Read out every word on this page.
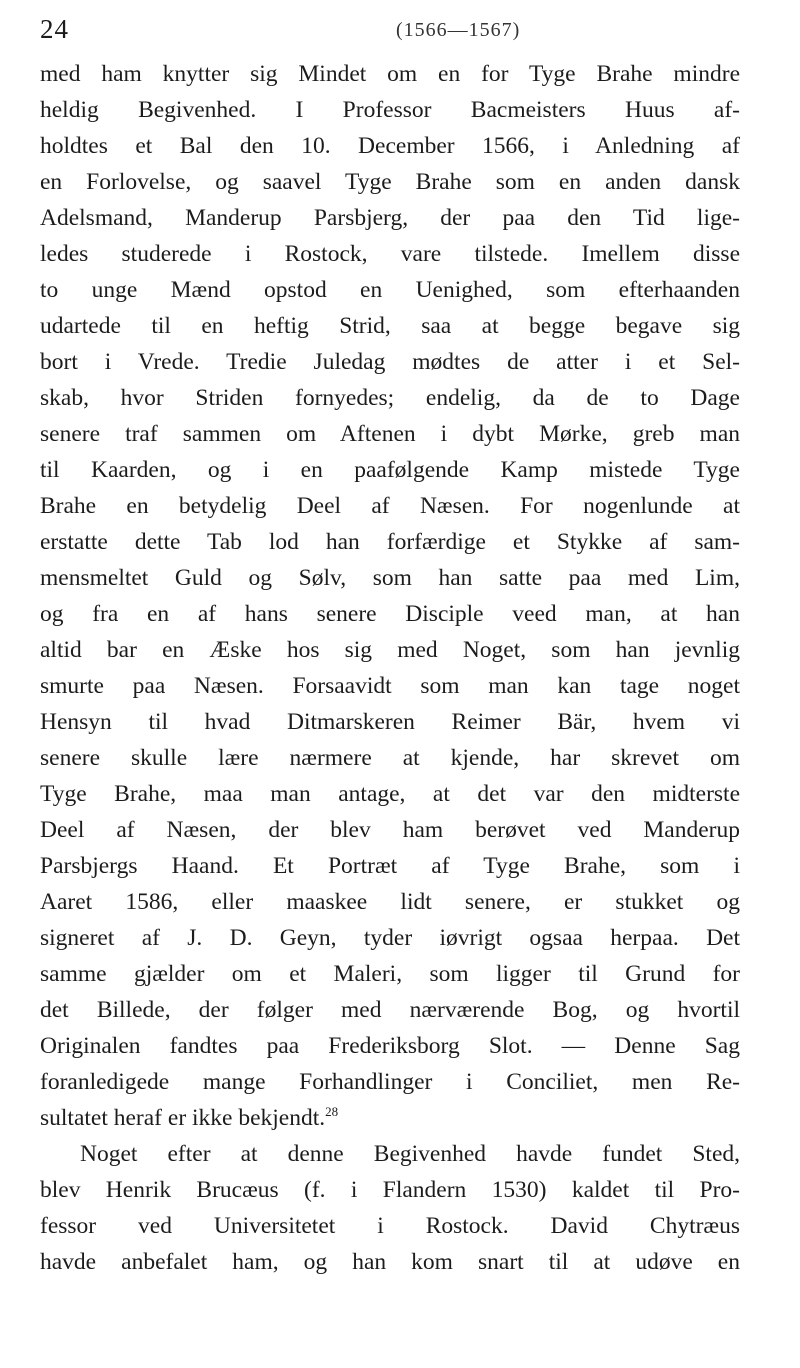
24	(1566—1567)
med ham knytter sig Mindet om en for Tyge Brahe mindre
heldig Begivenhed. I Professor Bacmeisters Huus af-
holdtes et Bal den 10. December 1566, i Anledning af
en Forlovelse, og saavel Tyge Brahe som en anden dansk
Adelsmand, Manderup Parsbjerg, der paa den Tid lige-
ledes studerede i Rostock, vare tilstede. Imellem disse
to unge Mænd opstod en Uenighed, som efterhaanden
udartede til en heftig Strid, saa at begge begave sig
bort i Vrede. Tredie Juledag mødtes de atter i et Sel-
skab, hvor Striden fornyedes; endelig, da de to Dage
senere traf sammen om Aftenen i dybt Mørke, greb man
til Kaarden, og i en paafølgende Kamp mistede Tyge
Brahe en betydelig Deel af Næsen. For nogenlunde at
erstatte dette Tab lod han forfærdige et Stykke af sam-
mensmeltet Guld og Sølv, som han satte paa med Lim,
og fra en af hans senere Disciple veed man, at han
altid bar en Æske hos sig med Noget, som han jevnlig
smurte paa Næsen. Forsaavidt som man kan tage noget
Hensyn til hvad Ditmarskeren Reimer Bär, hvem vi
senere skulle lære nærmere at kjende, har skrevet om
Tyge Brahe, maa man antage, at det var den midterste
Deel af Næsen, der blev ham berøvet ved Manderup
Parsbjergs Haand. Et Portræt af Tyge Brahe, som i
Aaret 1586, eller maaskee lidt senere, er stukket og
signeret af J. D. Geyn, tyder iøvrigt ogsaa herpaa. Det
samme gjælder om et Maleri, som ligger til Grund for
det Billede, der følger med nærværende Bog, og hvortil
Originalen fandtes paa Frederiksborg Slot. — Denne Sag
foranledigede mange Forhandlinger i Conciliet, men Re-
sultatet heraf er ikke bekjendt.$^{28}$
Noget efter at denne Begivenhed havde fundet Sted,
blev Henrik Brucæus (f. i Flandern 1530) kaldet til Pro-
fessor ved Universitetet i Rostock. David Chytræus
havde anbefalet ham, og han kom snart til at udøve en
